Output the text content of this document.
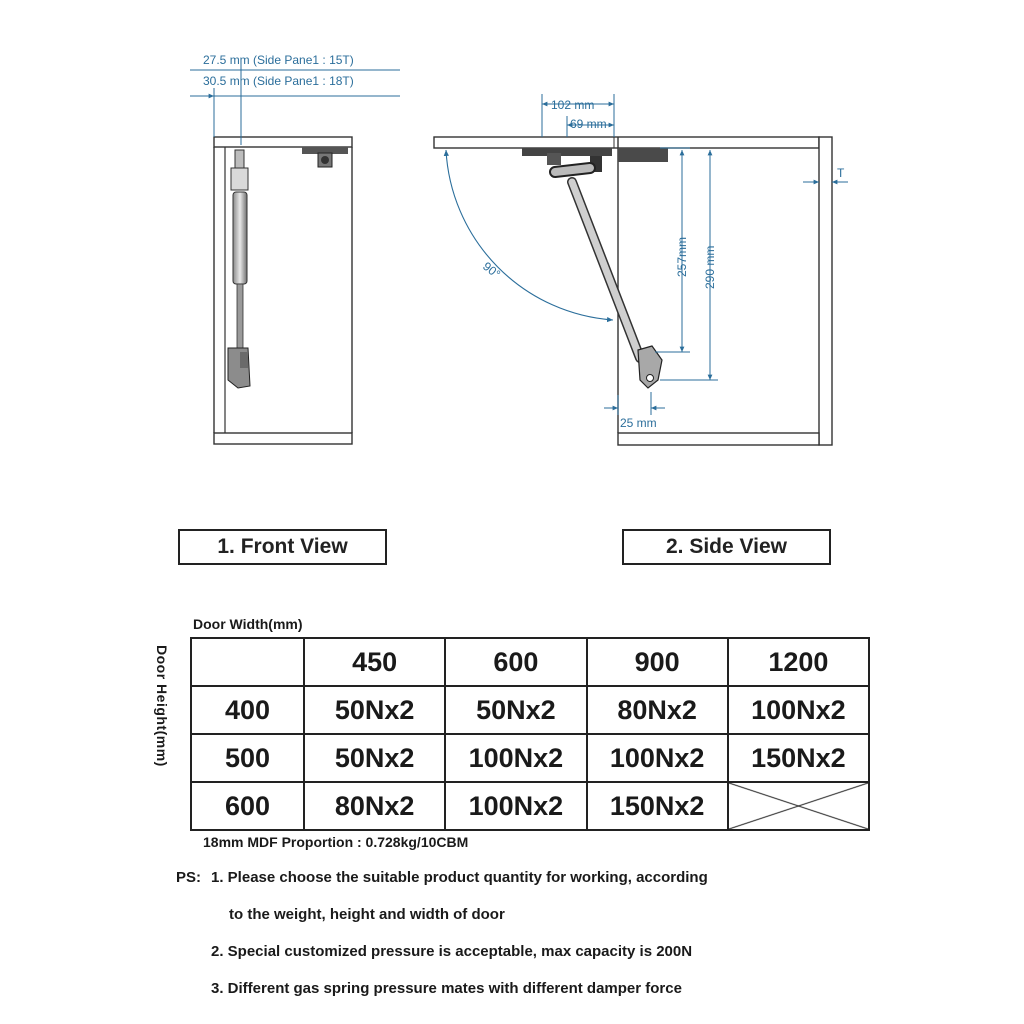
27.5 mm (Side Pane1 : 15T)
30.5 mm (Side Pane1 : 18T)
90°
102 mm
69 mm
257mm 290 mm
25 mm
T
1. Front View	2. Side View
Door Width(mm)
Door Height(mm)
		450	600	900	1200
400	50Nx2	50Nx2	80Nx2	100Nx2
500	50Nx2	100Nx2	100Nx2	150Nx2
600	80Nx2	100Nx2	150Nx2	
18mm MDF Proportion : 0.728kg/10CBM
PS: 1. Please choose the suitable product quantity for working, according
to the weight, height and width of door
2. Special customized pressure is acceptable, max capacity is 200N
3. Different gas spring pressure mates with different damper force
